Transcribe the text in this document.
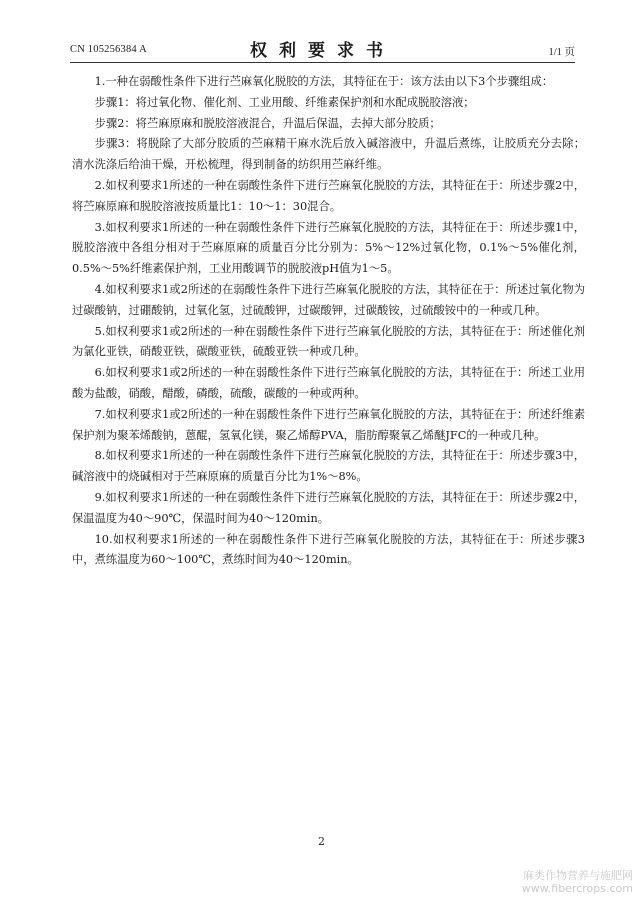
CN 105256384 A	权利要求书	1/1 页

1.一种在弱酸性条件下进行苎麻氧化脱胶的方法，其特征在于：该方法由以下3个步骤组成：

步骤1：将过氧化物、催化剂、工业用酸、纤维素保护剂和水配成脱胶溶液；

步骤2：将苎麻原麻和脱胶溶液混合，升温后保温，去掉大部分胶质；

步骤3：将脱除了大部分胶质的苎麻精干麻水洗后放入碱溶液中，升温后煮练，让胶质充分去除；清水洗涤后给油干燥，开松梳理，得到制备的纺织用苎麻纤维。

2.如权利要求1所述的一种在弱酸性条件下进行苎麻氧化脱胶的方法，其特征在于：所述步骤2中，将苎麻原麻和脱胶溶液按质量比1：10～1：30混合。

3.如权利要求1所述的一种在弱酸性条件下进行苎麻氧化脱胶的方法，其特征在于：所述步骤1中，脱胶溶液中各组分相对于苎麻原麻的质量百分比分别为：5%～12%过氧化物，0.1%～5%催化剂，0.5%～5%纤维素保护剂，工业用酸调节的脱胶液pH值为1～5。

4.如权利要求1或2所述的在弱酸性条件下进行苎麻氧化脱胶的方法，其特征在于：所述过氧化物为过碳酸钠，过硼酸钠，过氧化氢，过硫酸钾，过碳酸钾，过碳酸铵，过硫酸铵中的一种或几种。

5.如权利要求1或2所述的一种在弱酸性条件下进行苎麻氧化脱胶的方法，其特征在于：所述催化剂为氯化亚铁，硝酸亚铁，碳酸亚铁，硫酸亚铁一种或几种。

6.如权利要求1或2所述的一种在弱酸性条件下进行苎麻氧化脱胶的方法，其特征在于：所述工业用酸为盐酸，硝酸，醋酸，磷酸，硫酸，碳酸的一种或两种。

7.如权利要求1或2所述的一种在弱酸性条件下进行苎麻氧化脱胶的方法，其特征在于：所述纤维素保护剂为聚苯烯酸钠，蒽醌，氢氧化镁，聚乙烯醇PVA，脂肪醇聚氧乙烯醚JFC的一种或几种。

8.如权利要求1所述的一种在弱酸性条件下进行苎麻氧化脱胶的方法，其特征在于：所述步骤3中，碱溶液中的烧碱相对于苎麻原麻的质量百分比为1%～8%。

9.如权利要求1所述的一种在弱酸性条件下进行苎麻氧化脱胶的方法，其特征在于：所述步骤2中，保温温度为40～90℃，保温时间为40～120min。

10.如权利要求1所述的一种在弱酸性条件下进行苎麻氧化脱胶的方法，其特征在于：所述步骤3中，煮练温度为60～100℃，煮练时间为40～120min。

2
麻类作物营养与施肥网
www.fibercrops.com
